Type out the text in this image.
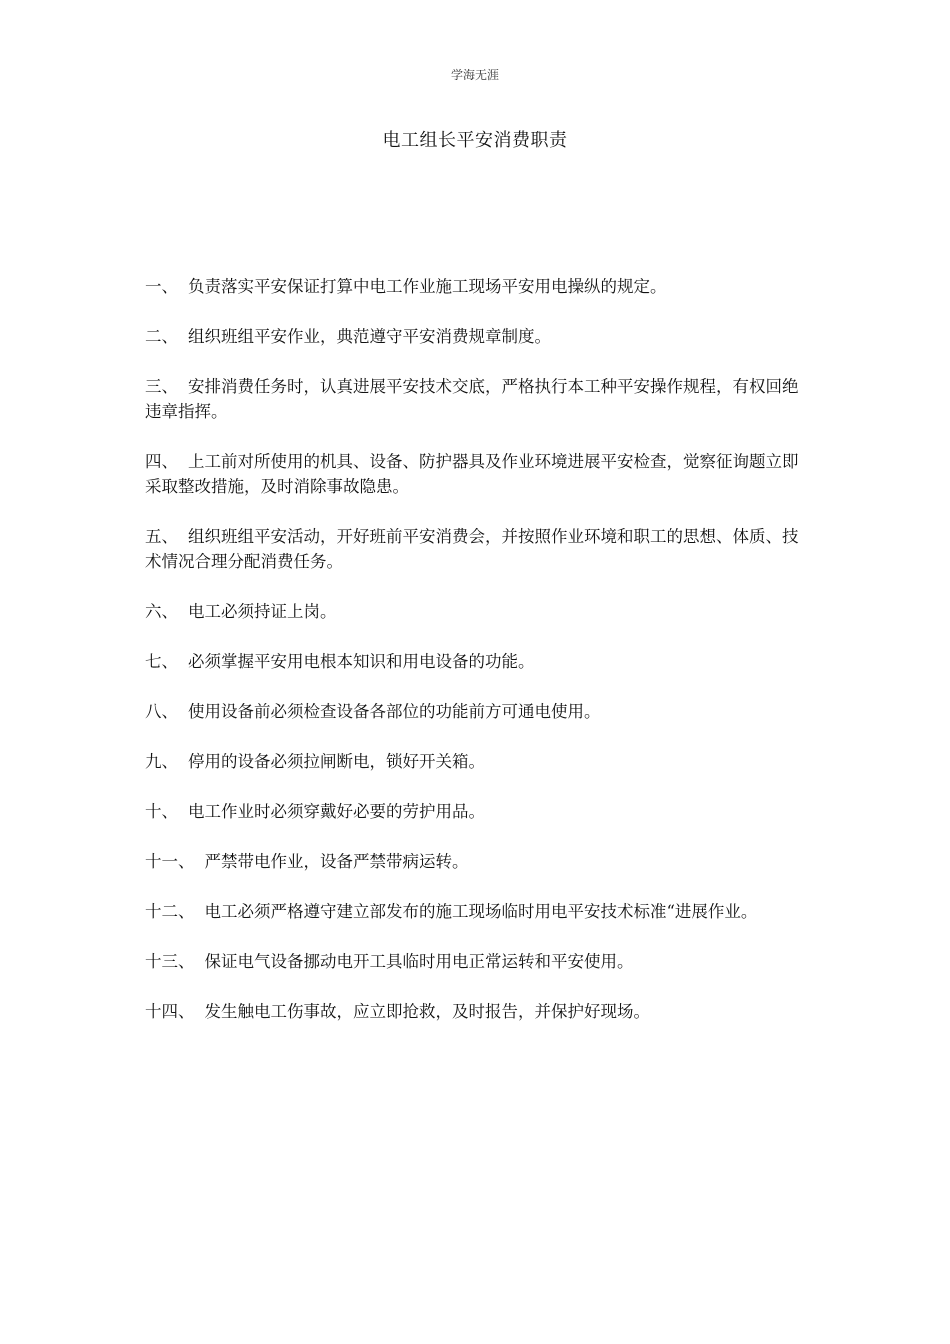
学海无涯
电工组长平安消费职责
一、 负责落实平安保证打算中电工作业施工现场平安用电操纵的规定。
二、 组织班组平安作业，典范遵守平安消费规章制度。
三、 安排消费任务时，认真进展平安技术交底，严格执行本工种平安操作规程，有权回绝违章指挥。
四、 上工前对所使用的机具、设备、防护器具及作业环境进展平安检查，觉察征询题立即采取整改措施，及时消除事故隐患。
五、 组织班组平安活动，开好班前平安消费会，并按照作业环境和职工的思想、体质、技术情况合理分配消费任务。
六、 电工必须持证上岗。
七、 必须掌握平安用电根本知识和用电设备的功能。
八、 使用设备前必须检查设备各部位的功能前方可通电使用。
九、 停用的设备必须拉闸断电，锁好开关箱。
十、 电工作业时必须穿戴好必要的劳护用品。
十一、 严禁带电作业，设备严禁带病运转。
十二、 电工必须严格遵守建立部发布的施工现场临时用电平安技术标准“进展作业。
十三、 保证电气设备挪动电开工具临时用电正常运转和平安使用。
十四、 发生触电工伤事故，应立即抢救，及时报告，并保护好现场。
